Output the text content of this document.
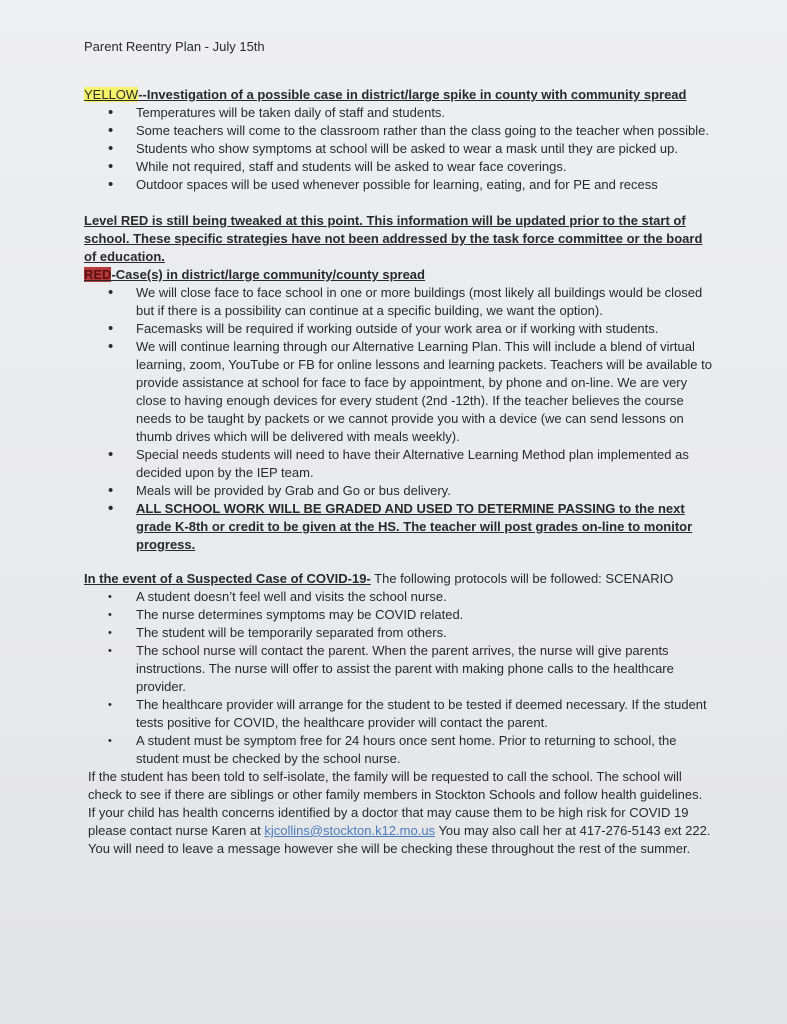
Parent Reentry Plan - July 15th
YELLOW--Investigation of a possible case in district/large spike in county with community spread
• Temperatures will be taken daily of staff and students.
• Some teachers will come to the classroom rather than the class going to the teacher when possible.
• Students who show symptoms at school will be asked to wear a mask until they are picked up.
• While not required, staff and students will be asked to wear face coverings.
• Outdoor spaces will be used whenever possible for learning, eating, and for PE and recess

Level RED is still being tweaked at this point. This information will be updated prior to the start of school. These specific strategies have not been addressed by the task force committee or the board of education.

RED-Case(s) in district/large community/county spread
• We will close face to face school in one or more buildings (most likely all buildings would be closed but if there is a possibility can continue at a specific building, we want the option).
• Facemasks will be required if working outside of your work area or if working with students.
• We will continue learning through our Alternative Learning Plan. This will include a blend of virtual learning, zoom, YouTube or FB for online lessons and learning packets. Teachers will be available to provide assistance at school for face to face by appointment, by phone and on-line. We are very close to having enough devices for every student (2nd -12th). If the teacher believes the course needs to be taught by packets or we cannot provide you with a device (we can send lessons on thumb drives which will be delivered with meals weekly).
• Special needs students will need to have their Alternative Learning Method plan implemented as decided upon by the IEP team.
• Meals will be provided by Grab and Go or bus delivery.
• ALL SCHOOL WORK WILL BE GRADED AND USED TO DETERMINE PASSING to the next grade K-8th or credit to be given at the HS. The teacher will post grades on-line to monitor progress.

In the event of a Suspected Case of COVID-19- The following protocols will be followed: SCENARIO

• A student doesn’t feel well and visits the school nurse.
• The nurse determines symptoms may be COVID related.
• The student will be temporarily separated from others.
• The school nurse will contact the parent. When the parent arrives, the nurse will give parents instructions. The nurse will offer to assist the parent with making phone calls to the healthcare provider.
• The healthcare provider will arrange for the student to be tested if deemed necessary. If the student tests positive for COVID, the healthcare provider will contact the parent.
• A student must be symptom free for 24 hours once sent home. Prior to returning to school, the student must be checked by the school nurse.

If the student has been told to self-isolate, the family will be requested to call the school. The school will check to see if there are siblings or other family members in Stockton Schools and follow health guidelines.

If your child has health concerns identified by a doctor that may cause them to be high risk for COVID 19 please contact nurse Karen at kjcollins@stockton.k12.mo.us You may also call her at 417-276-5143 ext 222. You will need to leave a message however she will be checking these throughout the rest of the summer.
